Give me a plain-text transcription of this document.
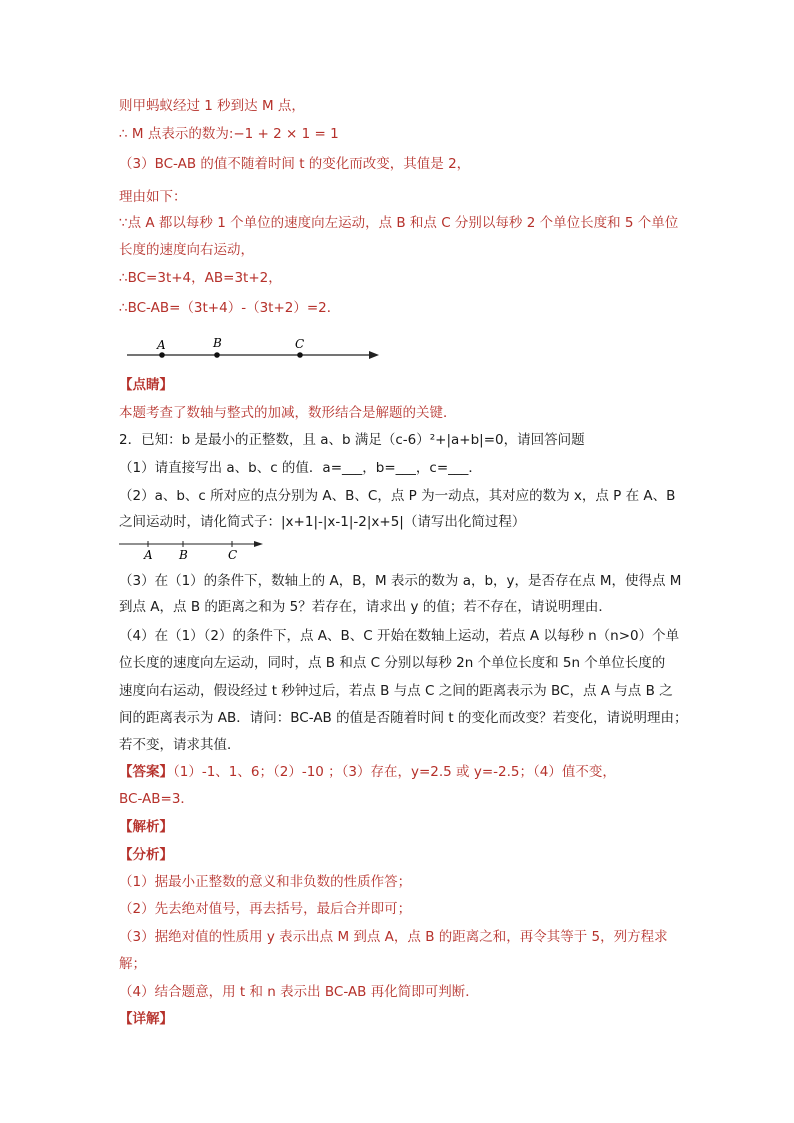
则甲蚂蚁经过 1 秒到达 M 点，
∴ M 点表示的数为:−1 + 2 × 1 = 1
（3）BC-AB 的值不随着时间 t 的变化而改变，其值是 2，
理由如下：
∵点 A 都以每秒 1 个单位的速度向左运动，点 B 和点 C 分别以每秒 2 个单位长度和 5 个单位
长度的速度向右运动，
∴BC=3t+4，AB=3t+2，
∴BC-AB=（3t+4）-（3t+2）=2．
A	B	C
【点睛】
本题考查了数轴与整式的加减，数形结合是解题的关键．
2．已知：b 是最小的正整数，且 a、b 满足（c-6）²+|a+b|=0，请回答问题
（1）请直接写出 a、b、c 的值．a=___，b=___，c=___．
（2）a、b、c 所对应的点分别为 A、B、C，点 P 为一动点，其对应的数为 x，点 P 在 A、B
之间运动时，请化简式子：|x+1|-|x-1|-2|x+5|（请写出化简过程）
A B	C
（3）在（1）的条件下，数轴上的 A，B，M 表示的数为 a，b，y，是否存在点 M，使得点 M
到点 A，点 B 的距离之和为 5？若存在，请求出 y 的值；若不存在，请说明理由．
（4）在（1）（2）的条件下，点 A、B、C 开始在数轴上运动，若点 A 以每秒 n（n>0）个单
位长度的速度向左运动，同时，点 B 和点 C 分别以每秒 2n 个单位长度和 5n 个单位长度的
速度向右运动，假设经过 t 秒钟过后，若点 B 与点 C 之间的距离表示为 BC，点 A 与点 B 之
间的距离表示为 AB．请问：BC-AB 的值是否随着时间 t 的变化而改变？若变化，请说明理由；
若不变，请求其值．
【答案】（1）-1、1、6；（2）-10 ；（3）存在，y=2.5 或 y=-2.5；（4）值不变，
BC-AB=3．
【解析】
【分析】
（1）据最小正整数的意义和非负数的性质作答；
（2）先去绝对值号，再去括号，最后合并即可；
（3）据绝对值的性质用 y 表示出点 M 到点 A，点 B 的距离之和，再令其等于 5，列方程求
解；
（4）结合题意，用 t 和 n 表示出 BC-AB 再化简即可判断．
【详解】
